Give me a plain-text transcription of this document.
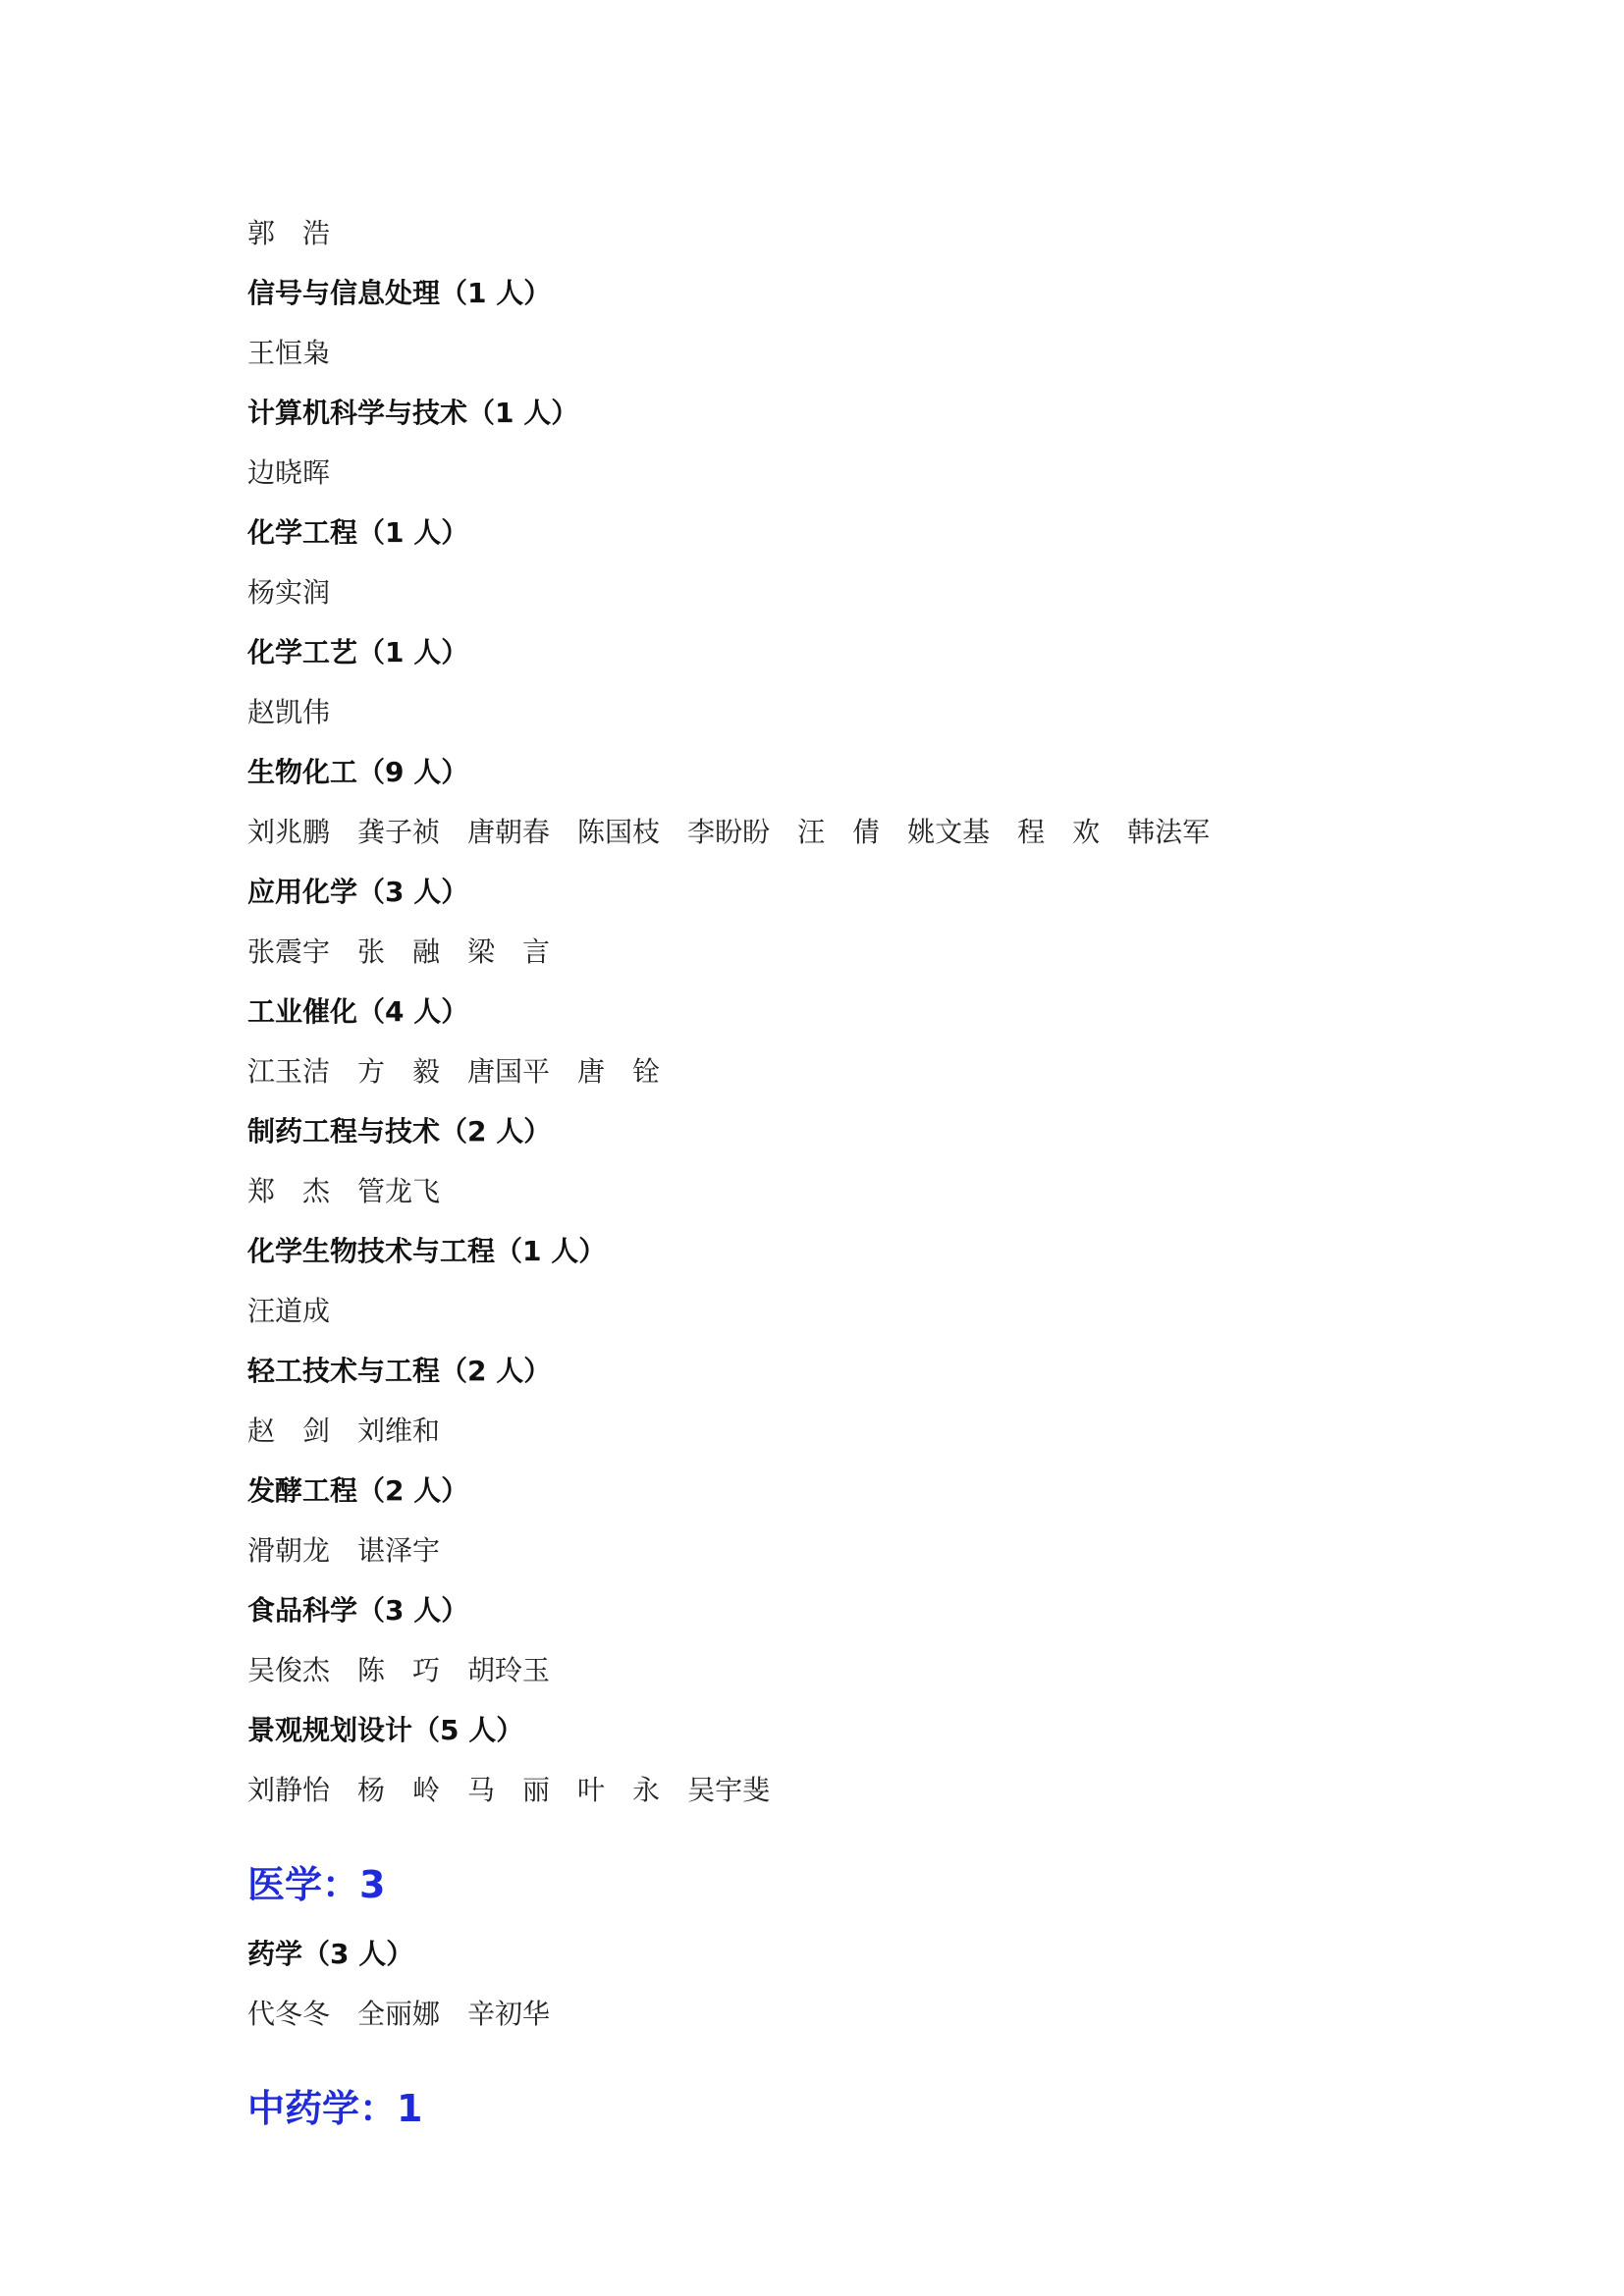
郭　浩
信号与信息处理（1 人）
王恒枭
计算机科学与技术（1 人）
边晓晖
化学工程（1 人）
杨实润
化学工艺（1 人）
赵凯伟
生物化工（9 人）
刘兆鹏 龚子祯 唐朝春 陈国枝 李盼盼 汪　倩 姚文基 程　欢 韩法军
应用化学（3 人）
张震宇 张　融 梁　言
工业催化（4 人）
江玉洁 方　毅 唐国平 唐　铨
制药工程与技术（2 人）
郑　杰 管龙飞
化学生物技术与工程（1 人）
汪道成
轻工技术与工程（2 人）
赵　剑 刘维和
发酵工程（2 人）
滑朝龙 谌泽宇
食品科学（3 人）
吴俊杰 陈　巧 胡玲玉
景观规划设计（5 人）
刘静怡 杨　岭 马　丽 叶　永 吴宇斐
医学：3
药学（3 人）
代冬冬 全丽娜 辛初华
中药学：1
